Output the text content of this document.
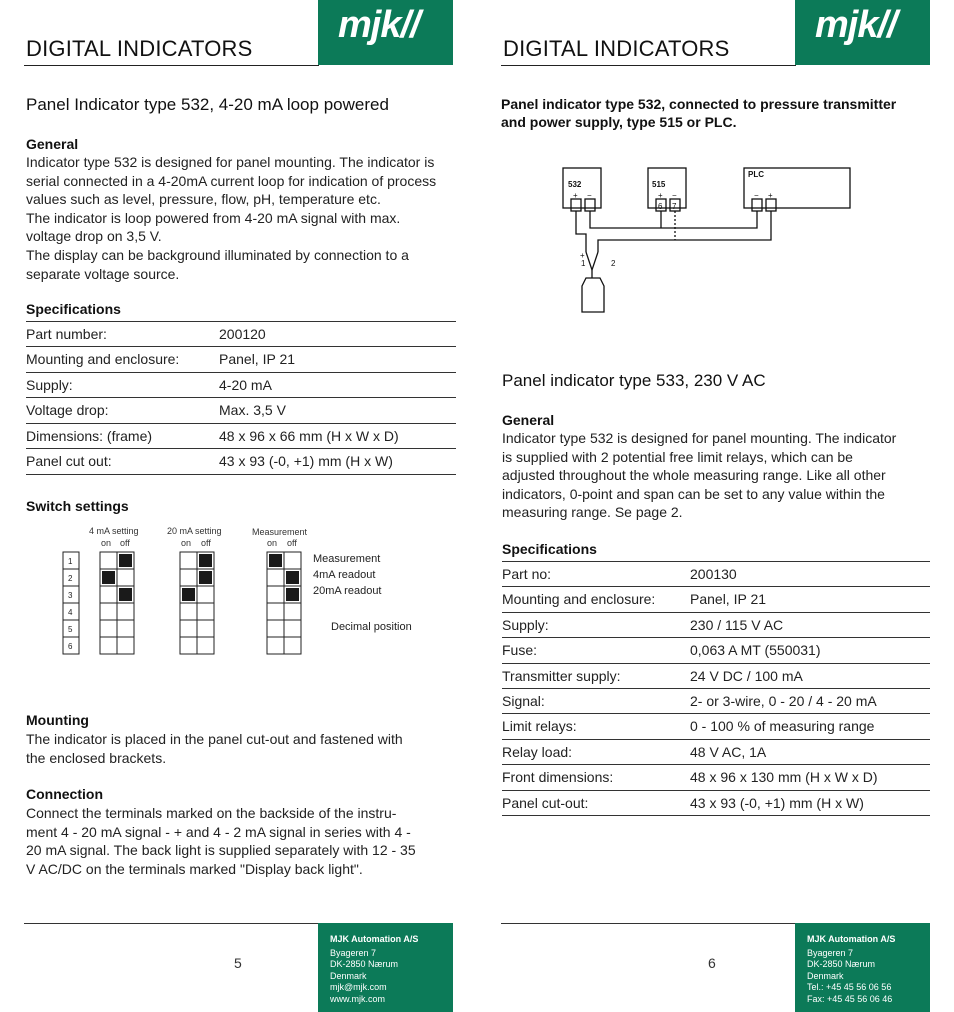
DIGITAL INDICATORS
mjk//
Panel Indicator type 532, 4-20 mA loop powered
General
Indicator type 532 is designed for panel mounting. The indicator is
serial connected in a 4-20mA current loop for indication of process
values such as level, pressure, flow, pH, temperature etc.
The indicator is loop powered from 4-20 mA signal with max.
voltage drop on 3,5 V.
The display can be background illuminated by connection to a
separate voltage source.
Specifications
Part number:	200120
Mounting and enclosure:	Panel, IP 21
Supply:	4-20 mA
Voltage drop:	Max. 3,5 V
Dimensions: (frame)	48 x 96 x 66 mm (H x W x D)
Panel cut out:	43 x 93 (-0, +1) mm (H x W)
Switch settings
4 mA setting	20 mA setting	Measurement
on off	on off	on off
1
2
3
4
5
6
Measurement
4mA readout
20mA readout
Decimal position
Mounting
The indicator is placed in the panel cut-out and fastened with
the enclosed brackets.
Connection
Connect the terminals marked on the backside of the instru-
ment 4 - 20 mA signal - + and 4 - 2 mA signal in series with 4 -
20 mA signal. The back light is supplied separately with 12 - 35
V AC/DC on the terminals marked "Display back light".
5
MJK Automation A/S
Byageren 7
DK-2850 Nærum
Denmark
mjk@mjk.com
www.mjk.com
DIGITAL INDICATORS
mjk//
Panel indicator type 532, connected to pressure transmitter
and power supply, type 515 or PLC.
532	515
PLC
+ −	+ −	− +
6 7
+
1	2
Panel indicator type 533, 230 V AC
General
Indicator type 532 is designed for panel mounting. The indicator
is supplied with 2 potential free limit relays, which can be
adjusted throughout the whole measuring range. Like all other
indicators, 0-point and span can be set to any value within the
measuring range. Se page 2.
Specifications
Part no:	200130
Mounting and enclosure: Panel, IP 21
Supply:	230 / 115 V AC
Fuse:	0,063 A MT (550031)
Transmitter supply:	24 V DC / 100 mA
Signal:	2- or 3-wire, 0 - 20 / 4 - 20 mA
Limit relays:	0 - 100 % of measuring range
Relay load:	48 V AC, 1A
Front dimensions:	48 x 96 x 130 mm (H x W x D)
Panel cut-out:	43 x 93 (-0, +1) mm (H x W)
6
MJK Automation A/S
Byageren 7
DK-2850 Nærum
Denmark
Tel.: +45 45 56 06 56
Fax: +45 45 56 06 46
